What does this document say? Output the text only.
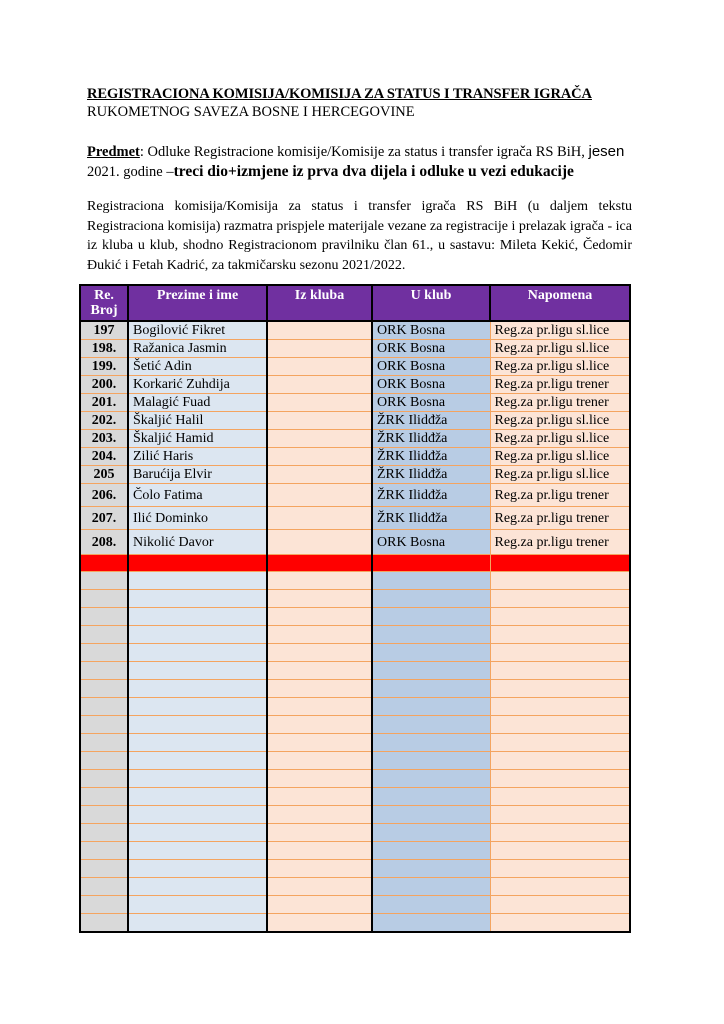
REGISTRACIONA KOMISIJA/KOMISIJA ZA STATUS I TRANSFER IGRAČA
RUKOMETNOG SAVEZA BOSNE I HERCEGOVINE
Predmet: Odluke Registracione komisije/Komisije za status i transfer igrača RS BiH, jesen 2021. godine –treci dio+izmjene iz prva dva dijela i odluke u vezi edukacije
Registraciona komisija/Komisija za status i transfer igrača RS BiH (u daljem tekstu Registraciona komisija) razmatra prispjele materijale vezane za registracije i prelazak igrača - ica iz kluba u klub, shodno Registracionom pravilniku član 61., u sastavu: Mileta Kekić, Čedomir Đukić i Fetah Kadrić, za takmičarsku sezonu 2021/2022.
Re. Broj	Prezime i ime	Iz kluba	U klub	Napomena
197	Bogilović Fikret		ORK Bosna	Reg.za pr.ligu sl.lice
198.	Ražanica Jasmin		ORK Bosna	Reg.za pr.ligu sl.lice
199.	Šetić Adin		ORK Bosna	Reg.za pr.ligu sl.lice
200.	Korkarić Zuhdija		ORK Bosna	Reg.za pr.ligu trener
201.	Malagić Fuad		ORK Bosna	Reg.za pr.ligu trener
202.	Škaljić Halil		ŽRK Ilidđža	Reg.za pr.ligu sl.lice
203.	Škaljić Hamid		ŽRK Ilidđža	Reg.za pr.ligu sl.lice
204.	Zilić Haris		ŽRK Ilidđža	Reg.za pr.ligu sl.lice
205	Barućija Elvir		ŽRK Ilidđža	Reg.za pr.ligu sl.lice
206.	Čolo Fatima		ŽRK Ilidđža	Reg.za pr.ligu trener
207.	Ilić Dominko		ŽRK Ilidđža	Reg.za pr.ligu trener
208.	Nikolić Davor		ORK Bosna	Reg.za pr.ligu trener
